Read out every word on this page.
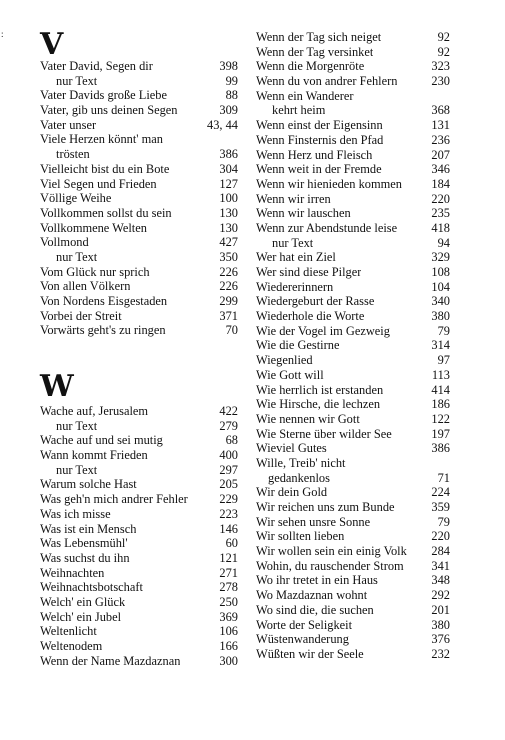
: V
Vater David, Segen dir	398
nur Text	99
Vater Davids große Liebe	88
Vater, gib uns deinen Segen	309
Vater unser	43, 44
Viele Herzen könnt' man
trösten	386
Vielleicht bist du ein Bote	304
Viel Segen und Frieden	127
Völlige Weihe	100
Vollkommen sollst du sein	130
Vollkommene Welten	130
Vollmond	427
nur Text	350
Vom Glück nur sprich	226
Von allen Völkern	226
Von Nordens Eisgestaden	299
Vorbei der Streit	371
Vorwärts geht's zu ringen	70
W
Wache auf, Jerusalem	422
nur Text	279
Wache auf und sei mutig	68
Wann kommt Frieden	400
nur Text	297
Warum solche Hast	205
Was geh'n mich andrer Fehler	229
Was ich misse	223
Was ist ein Mensch	146
Was Lebensmühl'	60
Was suchst du ihn	121
Weihnachten	271
Weihnachtsbotschaft	278
Welch' ein Glück	250
Welch' ein Jubel	369
Weltenlicht	106
Weltenodem	166
Wenn der Name Mazdaznan	300
Wenn der Tag sich neiget	92
Wenn der Tag versinket	92
Wenn die Morgenröte	323
Wenn du von andrer Fehlern	230
Wenn ein Wanderer
kehrt heim	368
Wenn einst der Eigensinn	131
Wenn Finsternis den Pfad	236
Wenn Herz und Fleisch	207
Wenn weit in der Fremde	346
Wenn wir hienieden kommen	184
Wenn wir irren	220
Wenn wir lauschen	235
Wenn zur Abendstunde leise	418
nur Text	94
Wer hat ein Ziel	329
Wer sind diese Pilger	108
Wiedererinnern	104
Wiedergeburt der Rasse	340
Wiederhole die Worte	380
Wie der Vogel im Gezweig	79
Wie die Gestirne	314
Wiegenlied	97
Wie Gott will	113
Wie herrlich ist erstanden	414
Wie Hirsche, die lechzen	186
Wie nennen wir Gott	122
Wie Sterne über wilder See	197
Wieviel Gutes	386
Wille, Treib' nicht
gedankenlos	71
Wir dein Gold	224
Wir reichen uns zum Bunde	359
Wir sehen unsre Sonne	79
Wir sollten lieben	220
Wir wollen sein ein einig Volk	284
Wohin, du rauschender Strom	341
Wo ihr tretet in ein Haus	348
Wo Mazdaznan wohnt	292
Wo sind die, die suchen	201
Worte der Seligkeit	380
Wüstenwanderung	376
Wüßten wir der Seele	232
